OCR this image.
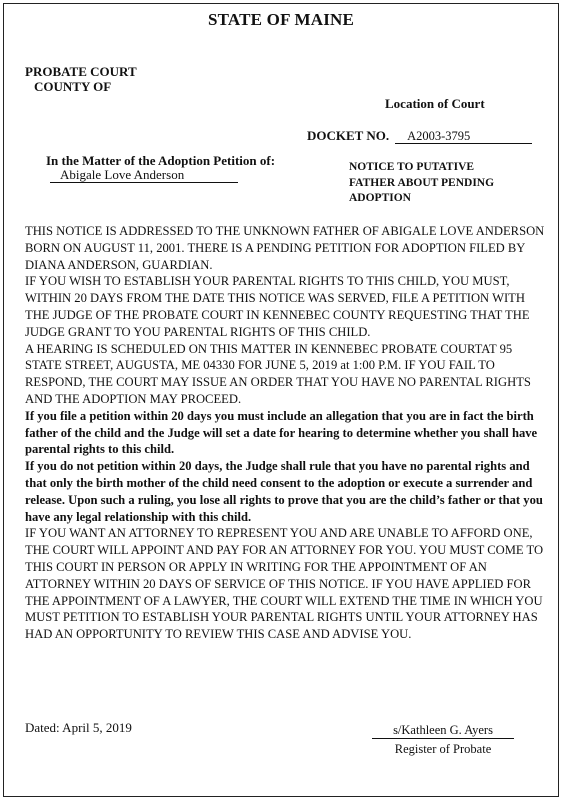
STATE OF MAINE
PROBATE COURT
COUNTY OF
Location of Court
DOCKET NO. A2003-3795
In the Matter of the Adoption Petition of:
Abigale Love Anderson	NOTICE TO PUTATIVE
FATHER ABOUT PENDING
ADOPTION

THIS NOTICE IS ADDRESSED TO THE UNKNOWN FATHER OF ABIGALE LOVE ANDERSON BORN ON AUGUST 11, 2001. THERE IS A PENDING PETITION FOR ADOPTION FILED BY DIANA ANDERSON, GUARDIAN.

IF YOU WISH TO ESTABLISH YOUR PARENTAL RIGHTS TO THIS CHILD, YOU MUST, WITHIN 20 DAYS FROM THE DATE THIS NOTICE WAS SERVED, FILE A PETITION WITH THE JUDGE OF THE PROBATE COURT IN KENNEBEC COUNTY REQUESTING THAT THE JUDGE GRANT TO YOU PARENTAL RIGHTS OF THIS CHILD.

A HEARING IS SCHEDULED ON THIS MATTER IN KENNEBEC PROBATE COURTAT 95 STATE STREET, AUGUSTA, ME 04330 FOR JUNE 5, 2019 at 1:00 P.M. IF YOU FAIL TO RESPOND, THE COURT MAY ISSUE AN ORDER THAT YOU HAVE NO PARENTAL RIGHTS AND THE ADOPTION MAY PROCEED.

If you file a petition within 20 days you must include an allegation that you are in fact the birth father of the child and the Judge will set a date for hearing to determine whether you shall have parental rights to this child.

If you do not petition within 20 days, the Judge shall rule that you have no parental rights and that only the birth mother of the child need consent to the adoption or execute a surrender and release. Upon such a ruling, you lose all rights to prove that you are the child’s father or that you have any legal relationship with this child.

IF YOU WANT AN ATTORNEY TO REPRESENT YOU AND ARE UNABLE TO AFFORD ONE, THE COURT WILL APPOINT AND PAY FOR AN ATTORNEY FOR YOU. YOU MUST COME TO THIS COURT IN PERSON OR APPLY IN WRITING FOR THE APPOINTMENT OF AN ATTORNEY WITHIN 20 DAYS OF SERVICE OF THIS NOTICE. IF YOU HAVE APPLIED FOR THE APPOINTMENT OF A LAWYER, THE COURT WILL EXTEND THE TIME IN WHICH YOU MUST PETITION TO ESTABLISH YOUR PARENTAL RIGHTS UNTIL YOUR ATTORNEY HAS HAD AN OPPORTUNITY TO REVIEW THIS CASE AND ADVISE YOU.

Dated: April 5, 2019	s/Kathleen G. Ayers
Register of Probate
